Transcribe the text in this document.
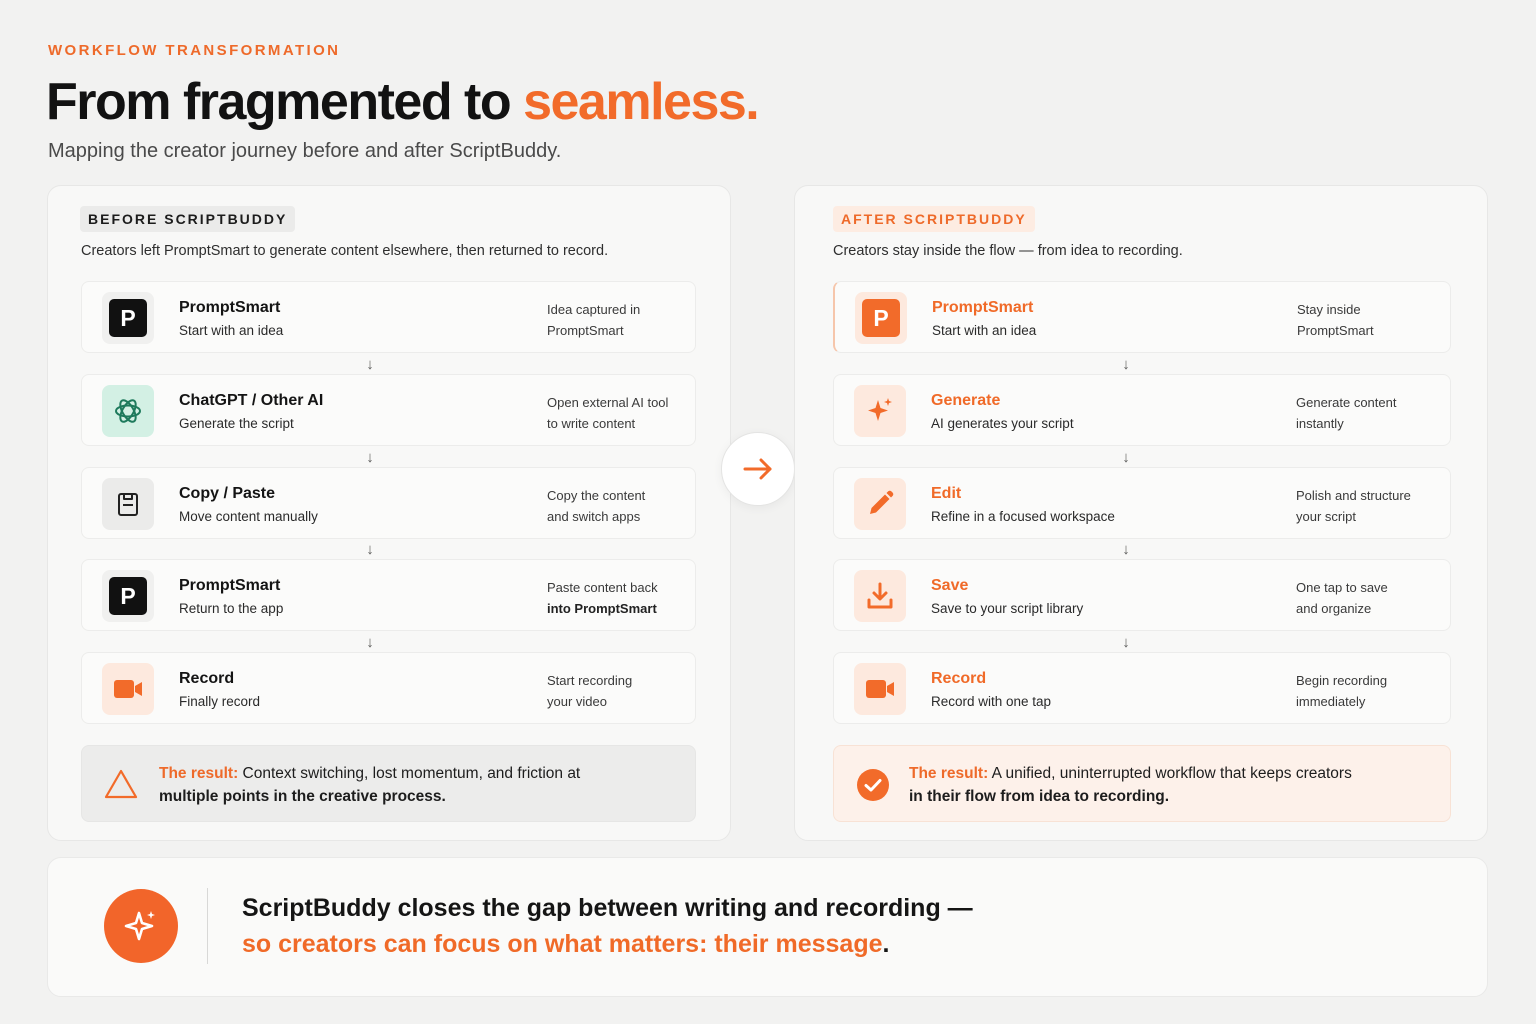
WORKFLOW TRANSFORMATION
From fragmented to seamless.
Mapping the creator journey before and after ScriptBuddy.
BEFORE SCRIPTBUDDY
Creators left PromptSmart to generate content elsewhere, then returned to record.
P	PromptSmart
Start with an idea
Idea captured in
PromptSmart
↓
ChatGPT / Other AI
Generate the script
Open external AI tool
to write content
↓
Copy / Paste
Move content manually
Copy the content
and switch apps
↓
P	PromptSmart
Return to the app
Paste content back
into PromptSmart
↓
Record
Finally record
Start recording
your video
The result: Context switching, lost momentum, and friction at
multiple points in the creative process.
AFTER SCRIPTBUDDY
Creators stay inside the flow — from idea to recording.
P	PromptSmart
Start with an idea
Stay inside
PromptSmart
↓
Generate
AI generates your script
Generate content
instantly
↓
Edit
Refine in a focused workspace
Polish and structure
your script
↓
Save
Save to your script library
One tap to save
and organize
↓
Record
Record with one tap
Begin recording
immediately
The result: A unified, uninterrupted workflow that keeps creators
in their flow from idea to recording.
ScriptBuddy closes the gap between writing and recording —
so creators can focus on what matters: their message.
